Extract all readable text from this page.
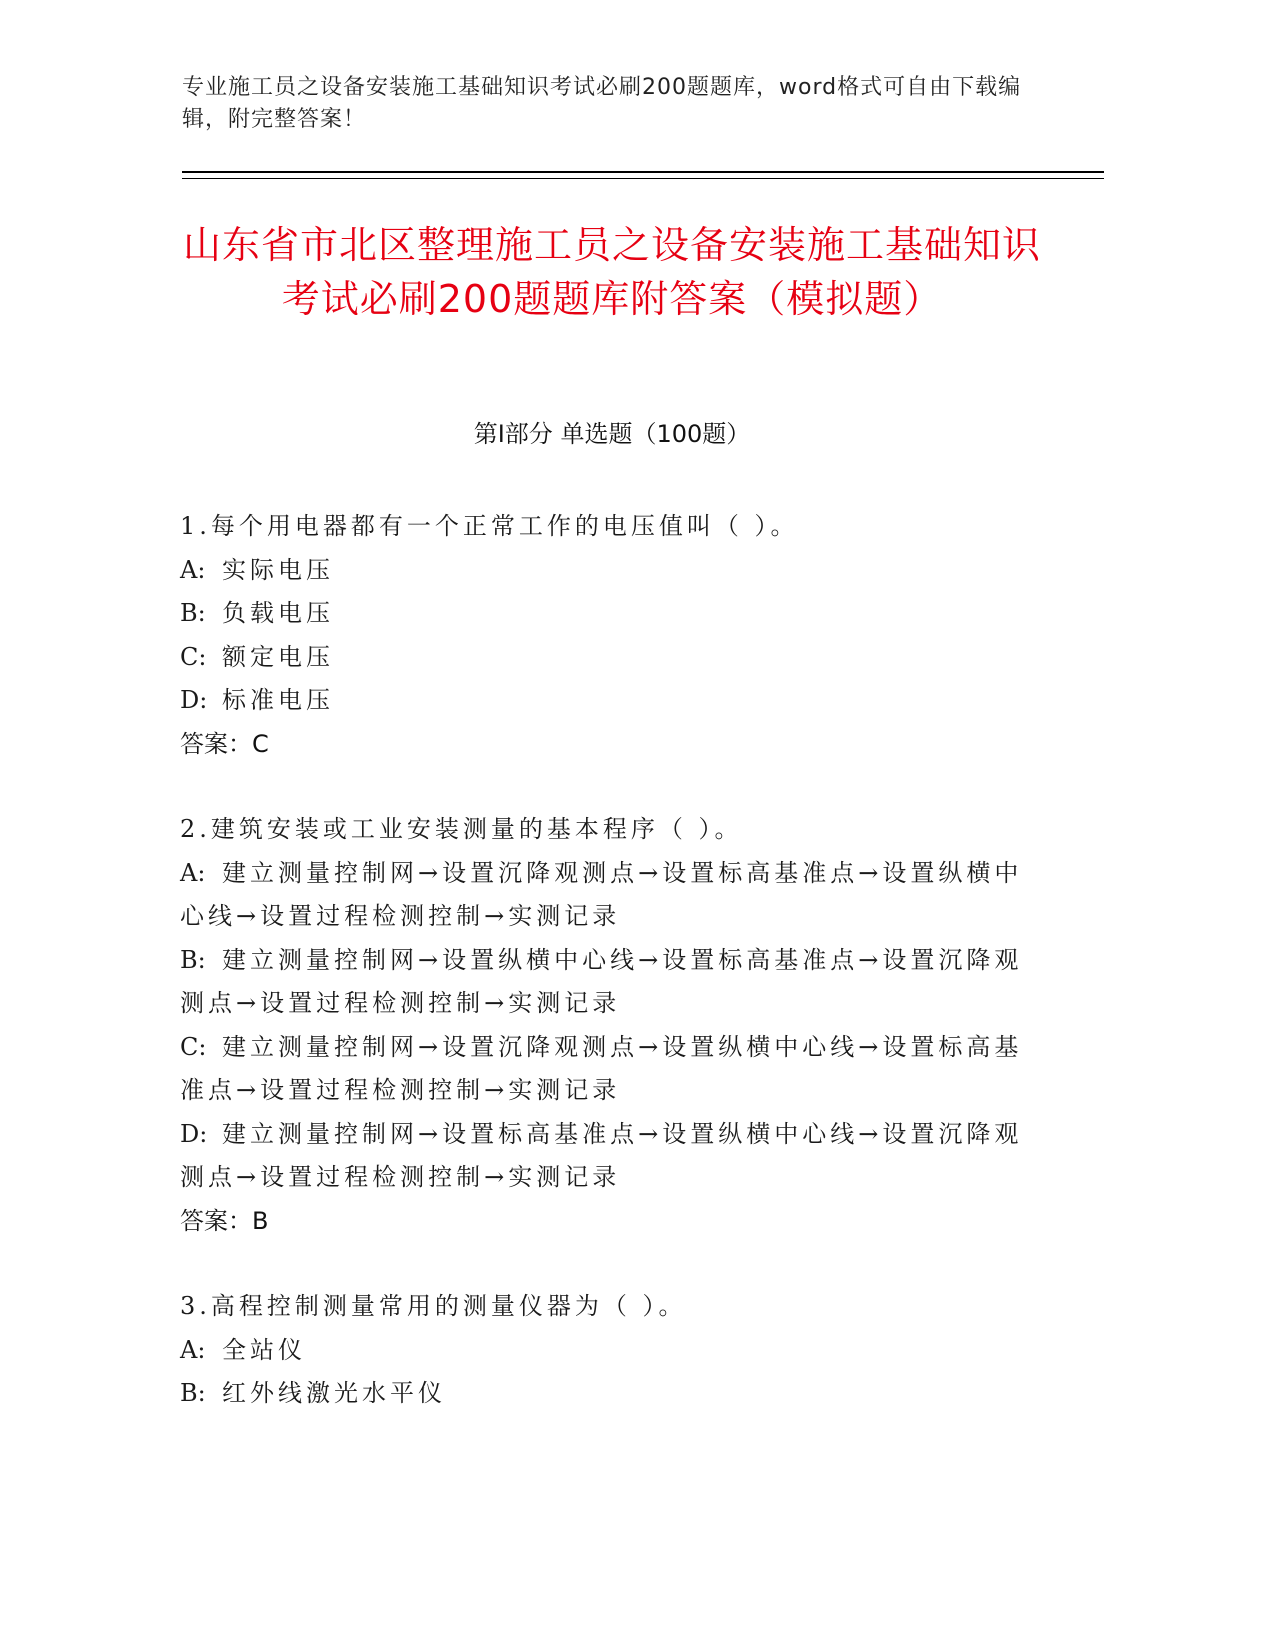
专业施工员之设备安装施工基础知识考试必刷200题题库，word格式可自由下载编辑，附完整答案！
山东省市北区整理施工员之设备安装施工基础知识考试必刷200题题库附答案（模拟题）
第Ⅰ部分 单选题（100题）
1.每个用电器都有一个正常工作的电压值叫（ ）。
A: 实际电压
B: 负载电压
C: 额定电压
D: 标准电压
答案：C
2.建筑安装或工业安装测量的基本程序（ ）。
A: 建立测量控制网→设置沉降观测点→设置标高基准点→设置纵横中心线→设置过程检测控制→实测记录
B: 建立测量控制网→设置纵横中心线→设置标高基准点→设置沉降观测点→设置过程检测控制→实测记录
C: 建立测量控制网→设置沉降观测点→设置纵横中心线→设置标高基准点→设置过程检测控制→实测记录
D: 建立测量控制网→设置标高基准点→设置纵横中心线→设置沉降观测点→设置过程检测控制→实测记录
答案：B
3.高程控制测量常用的测量仪器为（ ）。
A: 全站仪
B: 红外线激光水平仪
